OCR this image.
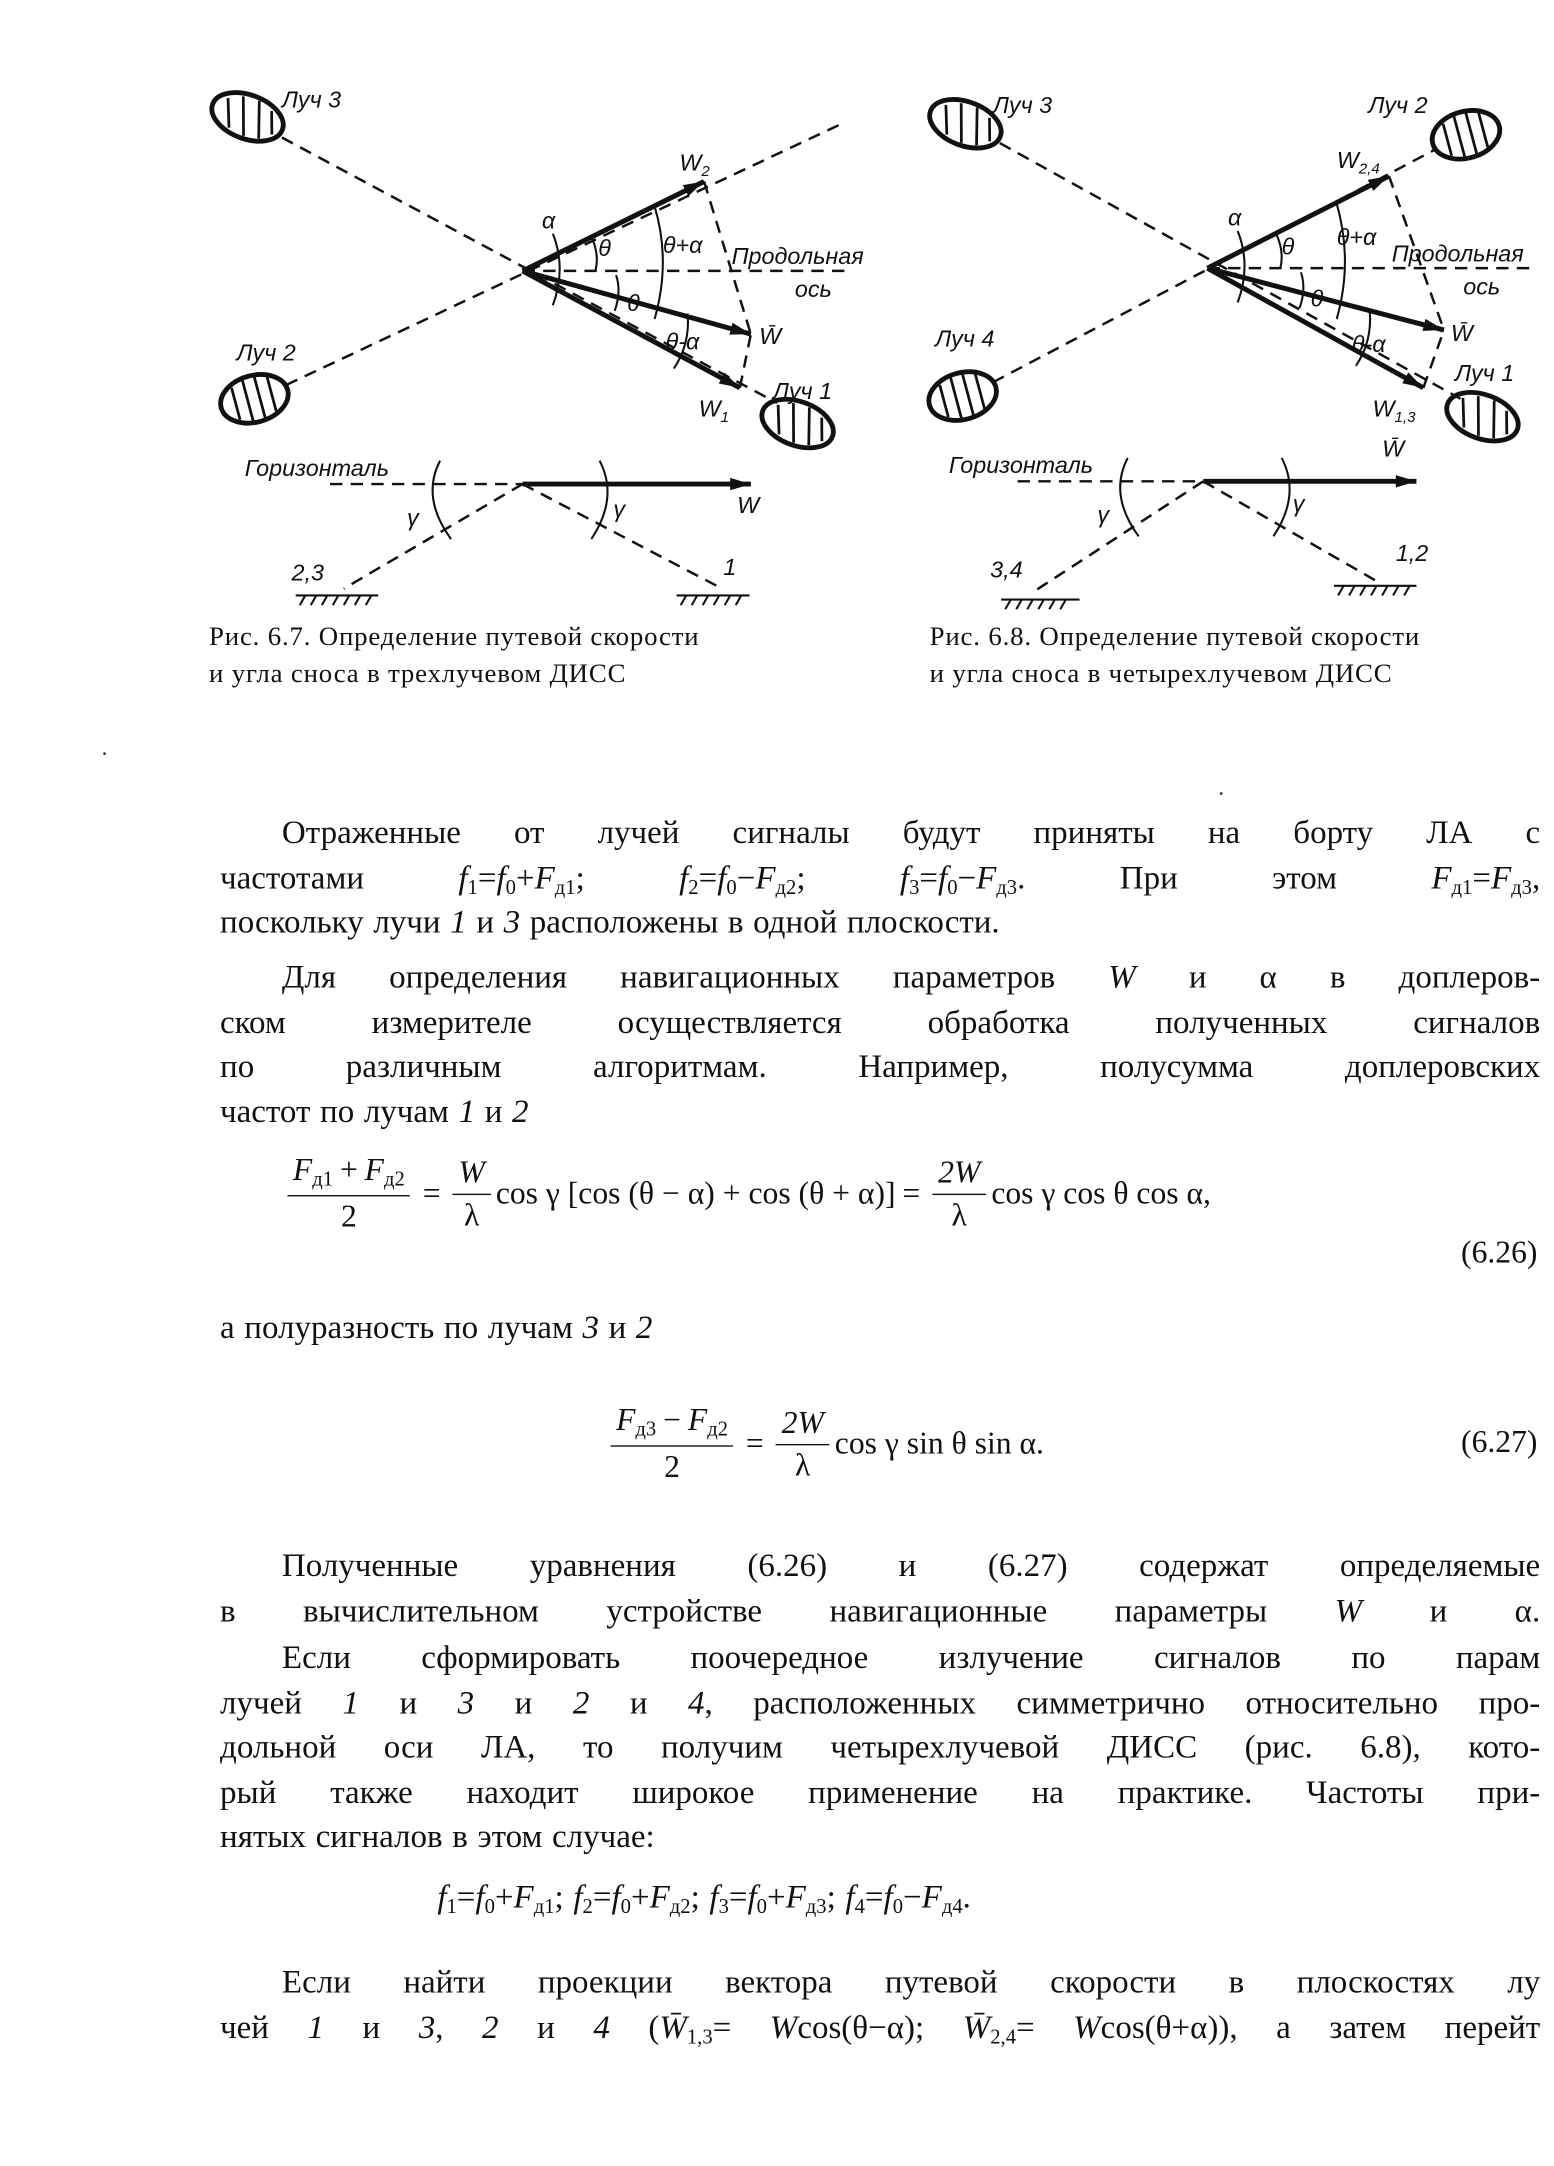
Луч 3
Луч 2
Луч 1
$W_2$
$W_1$
W̄
α
θ	θ+α
θ
θ-α
Продольная
ось
Горизонталь
W
γ	γ
2,3	1
Луч 3	Луч 2
Луч 4
Луч 1
$W_{2,4}$
$W_{1,3}$
W̄
α
θ θ+α
θ
θ-α
Продольная
ось
Горизонталь
W̄
γ	γ
3,4
1,2
Рис. 6.7. Определение путевой скорости
и угла сноса в трехлучевом ДИСС
Рис. 6.8. Определение путевой скорости
и угла сноса в четырехлучевом ДИСС
Отраженные от лучей сигналы будут приняты на борту ЛА с
частотами f1=f0+Fд1; f2=f0−Fд2; f3=f0−Fд3. При этом Fд1=Fд3,
поскольку лучи 1 и 3 расположены в одной плоскости.
Для определения навигационных параметров W и α в доплеров-
ском измерителе осуществляется обработка полученных сигналов
по различным алгоритмам. Например, полусумма доплеровских
частот по лучам 1 и 2
$\frac{Fд1 + Fд2}{2} = \frac{W}{\lambda}$ cos γ [cos $(\theta - \alpha) + \cos (\theta + \alpha)] = \frac{2W}{\lambda}$ cos γ cos θ cos α,
(6.26)
а полуразность по лучам 3 и 2
$\frac{Fд3 - Fд2}{2} = \frac{2W}{\lambda}$ cos γ sin θ sin α.	(6.27)
Полученные уравнения (6.26) и (6.27) содержат определяемые
в вычислительном устройстве навигационные параметры W и α.
Если сформировать поочередное излучение сигналов по парам
лучей 1 и 3 и 2 и 4, расположенных симметрично относительно про-
дольной оси ЛА, то получим четырехлучевой ДИСС (рис. 6.8), кото-
рый также находит широкое применение на практике. Частоты при-
нятых сигналов в этом случае:
f1=f0+Fд1; f2=f0+Fд2; f3=f0+Fд3; f4=f0−Fд4.
Если найти проекции вектора путевой скорости в плоскостях лу
чей 1 и 3, 2 и 4 (W̄1,3= Wcos(θ−α); W̄2,4= Wcos(θ+α)), а затем перейт
